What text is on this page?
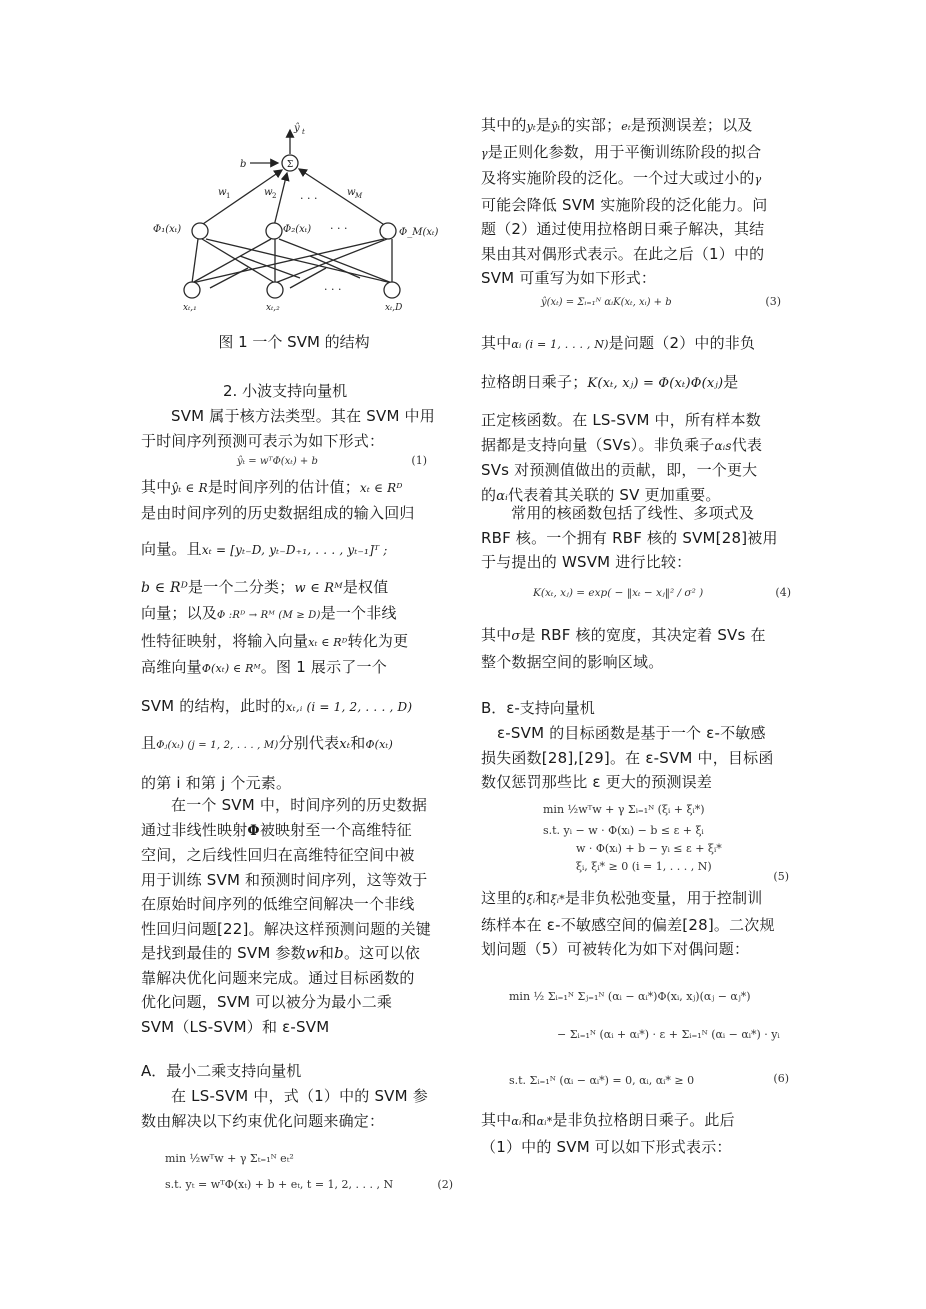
Σ
ŷ t
b
w 1	w 2	w M
· · ·
Φ₁(xₜ)	Φ₂(xₜ)	Φ_M(xₜ)
· · ·
· · ·
xₜ,₁	xₜ,₂	xₜ,D
图 1 一个 SVM 的结构
2. 小波支持向量机

SVM 属于核方法类型。其在 SVM 中用

于时间序列预测可表示为如下形式：

ŷₜ = wᵀΦ(xₜ) + b	(1)

其中ŷₜ ∈ R是时间序列的估计值；xₜ ∈ Rᴰ

是由时间序列的历史数据组成的输入回归

向量。且xₜ = [yₜ₋D, yₜ₋D₊₁, . . . , yₜ₋₁]ᵀ ;

b ∈ Rᴰ是一个二分类；w ∈ Rᴹ是权值

向量；以及Φ :Rᴰ → Rᴹ (M ≥ D)是一个非线

性特征映射，将输入向量xₜ ∈ Rᴰ转化为更

高维向量Φ(xₜ) ∈ Rᴹ。图 1 展示了一个

SVM 的结构，此时的xₜ,ᵢ (i = 1, 2, . . . , D)

且Φⱼ(xₜ) (j = 1, 2, . . . , M)分别代表xₜ和Φ(xₜ)

的第 i 和第 j 个元素。

在一个 SVM 中，时间序列的历史数据

通过非线性映射Φ被映射至一个高维特征

空间，之后线性回归在高维特征空间中被

用于训练 SVM 和预测时间序列，这等效于

在原始时间序列的低维空间解决一个非线

性回归问题[22]。解决这样预测问题的关键

是找到最佳的 SVM 参数w和b。这可以依

靠解决优化问题来完成。通过目标函数的

优化问题，SVM 可以被分为最小二乘

SVM（LS-SVM）和 ε-SVM

A．最小二乘支持向量机

在 LS-SVM 中，式（1）中的 SVM 参

数由解决以下约束优化问题来确定：

min ½wᵀw + γ Σₜ₌₁ᴺ eₜ²
s.t. yₜ = wᵀΦ(xₜ) + b + eₜ, t = 1, 2, . . . , N	(2)

其中的yₜ是ŷₜ的实部；eₜ是预测误差；以及

γ是正则化参数，用于平衡训练阶段的拟合

及将实施阶段的泛化。一个过大或过小的γ

可能会降低 SVM 实施阶段的泛化能力。问

题（2）通过使用拉格朗日乘子解决，其结

果由其对偶形式表示。在此之后（1）中的

SVM 可重写为如下形式：

ŷ(xₜ) = Σᵢ₌₁ᴺ αᵢK(xₜ, xᵢ) + b	(3)

其中αᵢ (i = 1, . . . , N)是问题（2）中的非负

拉格朗日乘子；K(xₜ, xⱼ) = Φ(xₜ)Φ(xⱼ)是

正定核函数。在 LS-SVM 中，所有样本数

据都是支持向量（SVs）。非负乘子αᵢs代表

SVs 对预测值做出的贡献，即，一个更大

的αᵢ代表着其关联的 SV 更加重要。

常用的核函数包括了线性、多项式及

RBF 核。一个拥有 RBF 核的 SVM[28]被用

于与提出的 WSVM 进行比较：

K(xₜ, xⱼ) = exp( − ‖xₜ − xⱼ‖² / σ² )	(4)

其中σ是 RBF 核的宽度，其决定着 SVs 在

整个数据空间的影响区域。

B．ε-支持向量机

ε-SVM 的目标函数是基于一个 ε-不敏感

损失函数[28],[29]。在 ε-SVM 中，目标函

数仅惩罚那些比 ε 更大的预测误差

min ½wᵀw + γ Σᵢ₌₁ᴺ (ξᵢ + ξᵢ*)
s.t. yᵢ − w · Φ(xᵢ) − b ≤ ε + ξᵢ
w · Φ(xᵢ) + b − yᵢ ≤ ε + ξᵢ*
ξᵢ, ξᵢ* ≥ 0 (i = 1, . . . , N)
(5)

这里的ξᵢ和ξᵢ*是非负松弛变量，用于控制训

练样本在 ε-不敏感空间的偏差[28]。二次规

划问题（5）可被转化为如下对偶问题：

min ½ Σᵢ₌₁ᴺ Σⱼ₌₁ᴺ (αᵢ − αᵢ*)Φ(xᵢ, xⱼ)(αⱼ − αⱼ*)
− Σᵢ₌₁ᴺ (αᵢ + αᵢ*) · ε + Σᵢ₌₁ᴺ (αᵢ − αᵢ*) · yᵢ
s.t. Σᵢ₌₁ᴺ (αᵢ − αᵢ*) = 0, αᵢ, αᵢ* ≥ 0	(6)

其中αᵢ和αᵢ*是非负拉格朗日乘子。此后

（1）中的 SVM 可以如下形式表示：
